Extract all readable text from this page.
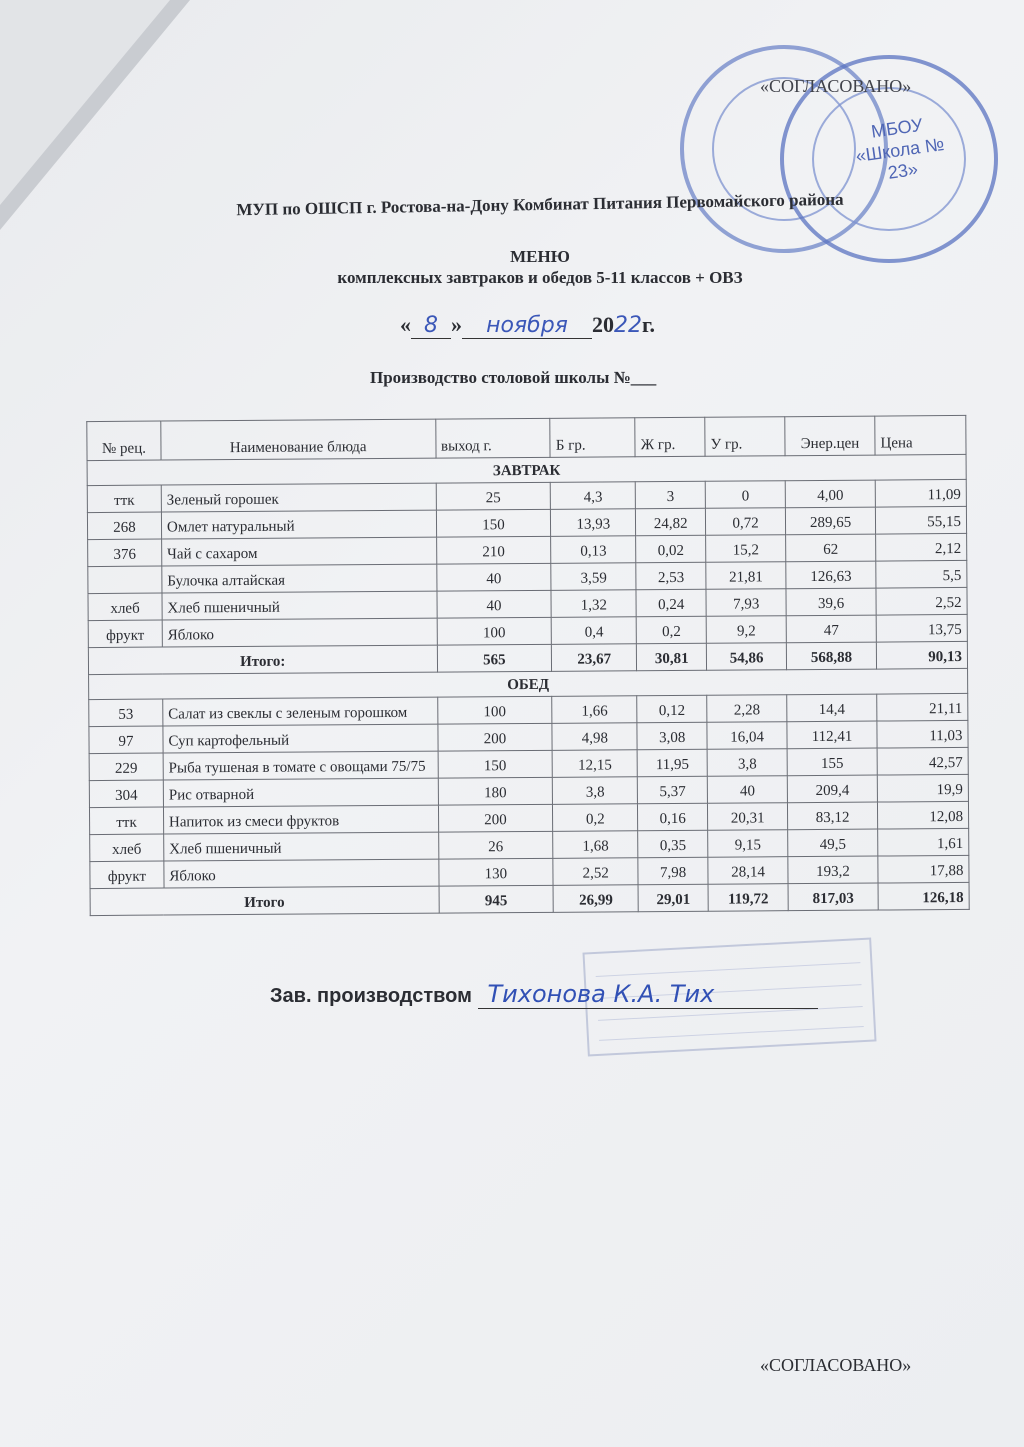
МБОУ «Школа № 23»
«СОГЛАСОВАНО»
МУП по ОШСП г. Ростова-на-Дону Комбинат Питания Первомайского района
МЕНЮ
комплексных завтраков и обедов 5-11 классов + ОВЗ
« 8 » ноября 2022г.
Производство столовой школы №___
№ рец.	Наименование блюда	выход г.	Б гр.	Ж гр.	У гр.	Энер.цен	Цена
ЗАВТРАК							
ттк	Зеленый горошек	25	4,3	3	0	4,00	11,09
268	Омлет натуральный	150	13,93	24,82	0,72	289,65	55,15
376	Чай с сахаром	210	0,13	0,02	15,2	62	2,12
	Булочка алтайская	40	3,59	2,53	21,81	126,63	5,5
хлеб	Хлеб пшеничный	40	1,32	0,24	7,93	39,6	2,52
фрукт	Яблоко	100	0,4	0,2	9,2	47	13,75
Итого:		565	23,67	30,81	54,86	568,88	90,13
ОБЕД							
53	Салат из свеклы с зеленым горошком	100	1,66	0,12	2,28	14,4	21,11
97	Суп картофельный	200	4,98	3,08	16,04	112,41	11,03
229	Рыба тушеная в томате с овощами 75/75	150	12,15	11,95	3,8	155	42,57
304	Рис отварной	180	3,8	5,37	40	209,4	19,9
ттк	Напиток из смеси фруктов	200	0,2	0,16	20,31	83,12	12,08
хлеб	Хлеб пшеничный	26	1,68	0,35	9,15	49,5	1,61
фрукт	Яблоко	130	2,52	7,98	28,14	193,2	17,88
Итого		945	26,99	29,01	119,72	817,03	126,18
Зав. производством Тихонова К.А. Тих
«СОГЛАСОВАНО»
